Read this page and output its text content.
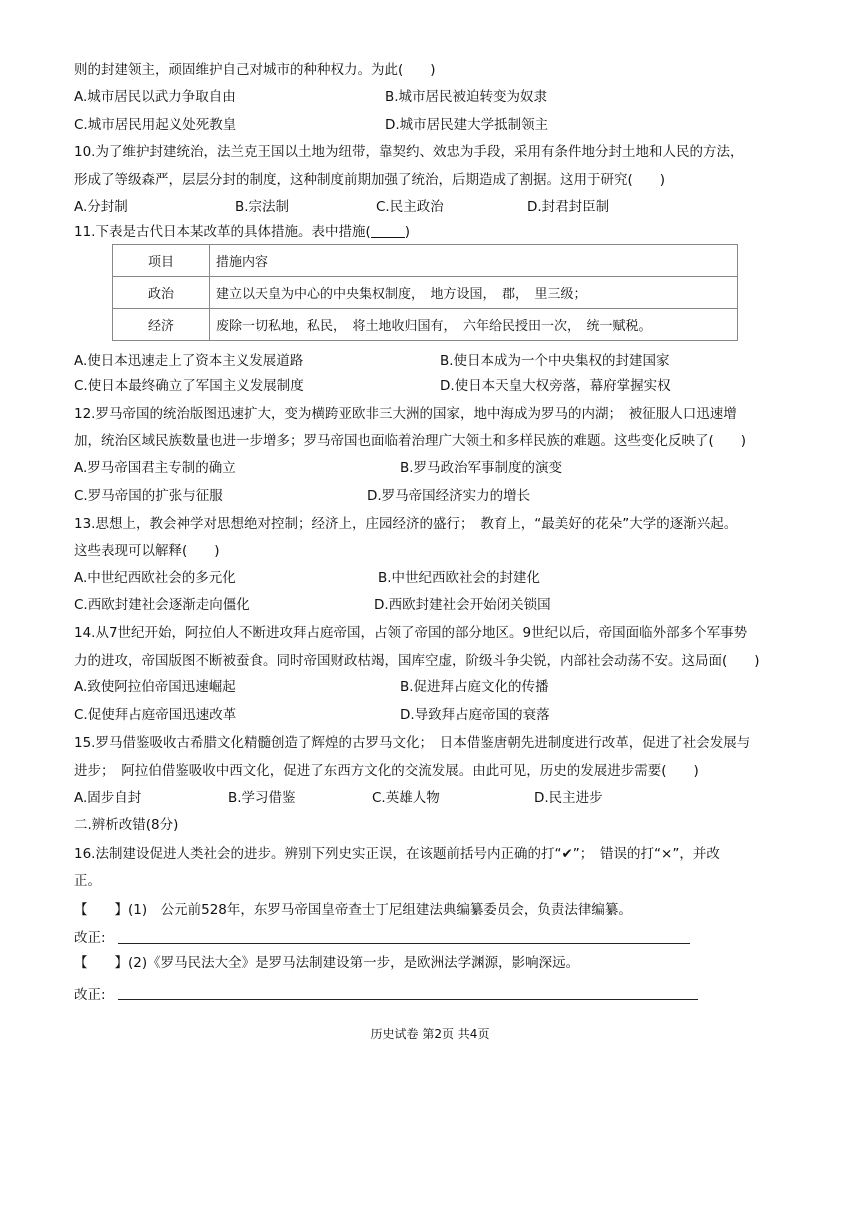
则的封建领主，顽固维护自己对城市的种种权力。为此(　　)
A.城市居民以武力争取自由	B.城市居民被迫转变为奴隶
C.城市居民用起义处死教皇	D.城市居民建大学抵制领主
10.为了维护封建统治，法兰克王国以土地为纽带，靠契约、效忠为手段，采用有条件地分封土地和人民的方法，
形成了等级森严，层层分封的制度，这种制度前期加强了统治，后期造成了割据。这用于研究(　　)
A.分封制	B.宗法制	C.民主政治	D.封君封臣制
11.下表是古代日本某改革的具体措施。表中措施(	)
项目	措施内容
政治	建立以天皇为中心的中央集权制度，　地方设国，　郡，　里三级；
经济	废除一切私地，私民，　将土地收归国有，　六年给民授田一次，　统一赋税。
A.使日本迅速走上了资本主义发展道路	B.使日本成为一个中央集权的封建国家
C.使日本最终确立了军国主义发展制度	D.使日本天皇大权旁落，幕府掌握实权
12.罗马帝国的统治版图迅速扩大，变为横跨亚欧非三大洲的国家，地中海成为罗马的内湖；　被征服人口迅速增
加，统治区域民族数量也进一步增多；罗马帝国也面临着治理广大领土和多样民族的难题。这些变化反映了(　　)
A.罗马帝国君主专制的确立	B.罗马政治军事制度的演变
C.罗马帝国的扩张与征服	D.罗马帝国经济实力的增长
13.思想上，教会神学对思想绝对控制；经济上，庄园经济的盛行；　教育上，“最美好的花朵”大学的逐渐兴起。
这些表现可以解释(　　)
A.中世纪西欧社会的多元化	B.中世纪西欧社会的封建化
C.西欧封建社会逐渐走向僵化	D.西欧封建社会开始闭关锁国
14.从7世纪开始，阿拉伯人不断进攻拜占庭帝国，占领了帝国的部分地区。9世纪以后，帝国面临外部多个军事势
力的进攻，帝国版图不断被蚕食。同时帝国财政枯竭，国库空虚，阶级斗争尖锐，内部社会动荡不安。这局面(　　)
A.致使阿拉伯帝国迅速崛起	B.促进拜占庭文化的传播
C.促使拜占庭帝国迅速改革	D.导致拜占庭帝国的衰落
15.罗马借鉴吸收古希腊文化精髓创造了辉煌的古罗马文化；　日本借鉴唐朝先进制度进行改革，促进了社会发展与
进步；　阿拉伯借鉴吸收中西文化，促进了东西方文化的交流发展。由此可见，历史的发展进步需要(　　)
A.固步自封	B.学习借鉴	C.英雄人物	D.民主进步
二.辨析改错(8分)
16.法制建设促进人类社会的进步。辨别下列史实正误，在该题前括号内正确的打“✔”；　错误的打“×”，并改
正。
【　　】(1)　公元前528年，东罗马帝国皇帝查士丁尼组建法典编纂委员会，负责法律编纂。
改正:
【　　】(2)《罗马民法大全》是罗马法制建设第一步，是欧洲法学渊源，影响深远。
改正:
历史试卷 第2页 共4页
